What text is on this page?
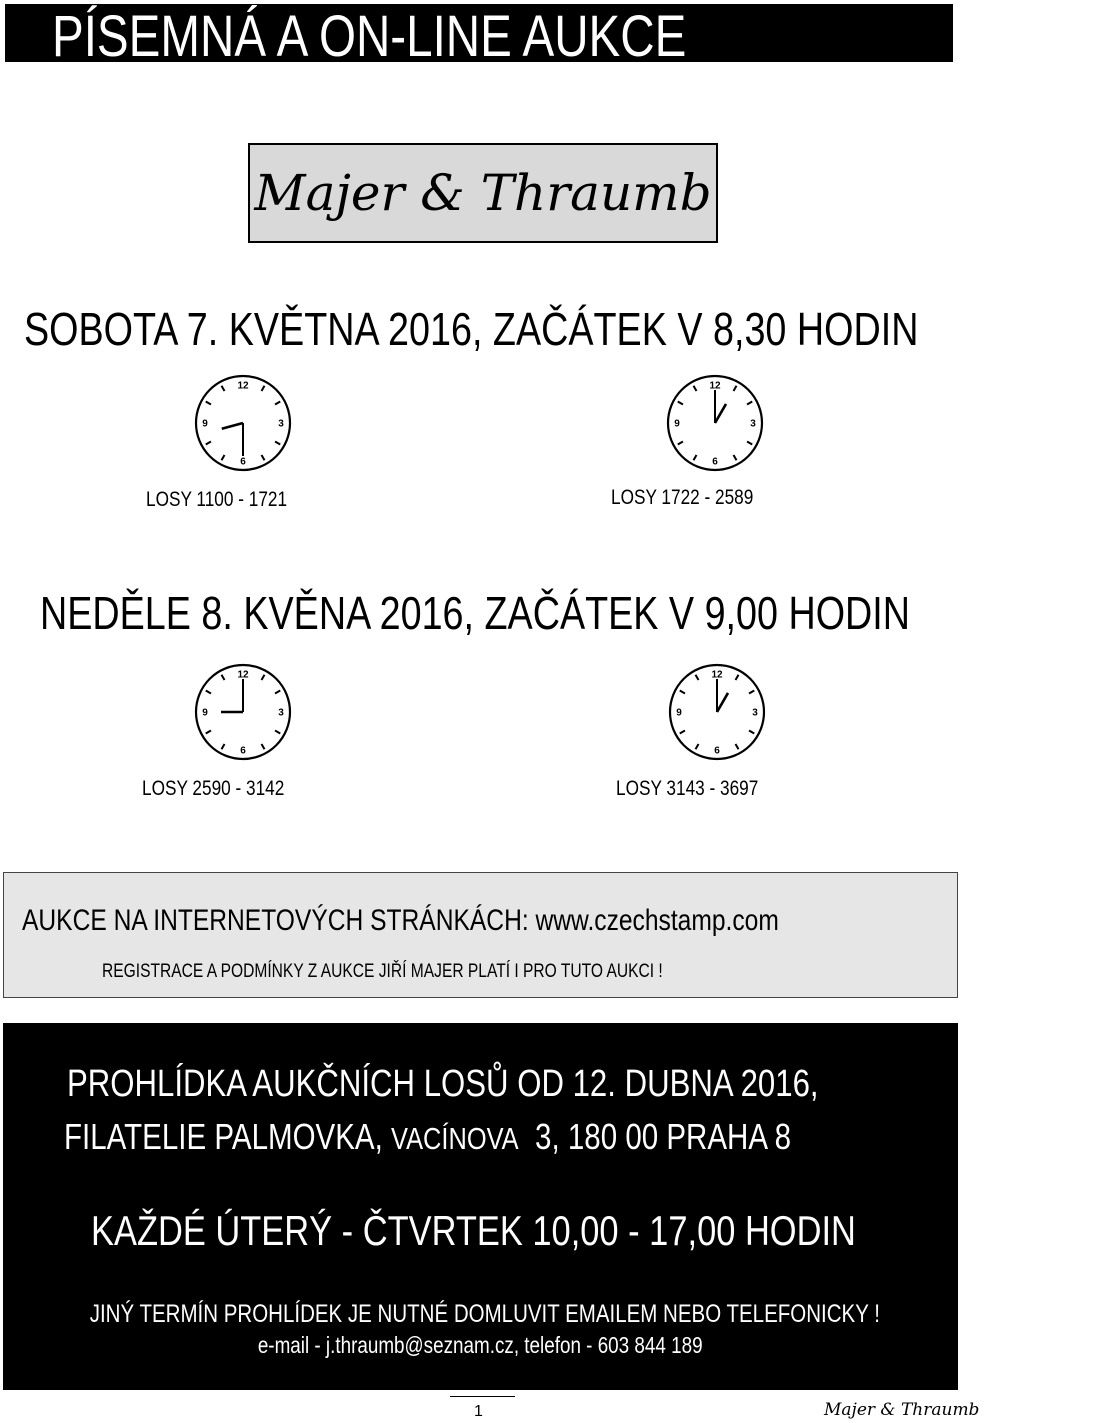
PÍSEMNÁ A ON-LINE AUKCE
Majer & Thraumb
SOBOTA 7. KVĚTNA 2016, ZAČÁTEK V 8,30 HODIN
12
3
6
9
12
3
6
9
LOSY 1100 - 1721	LOSY 1722 - 2589
NEDĚLE 8. KVĚNA 2016, ZAČÁTEK V 9,00 HODIN
12
3
6
9
12
3
6
9
LOSY 2590 - 3142	LOSY 3143 - 3697
AUKCE NA INTERNETOVÝCH STRÁNKÁCH: www.czechstamp.com
REGISTRACE A PODMÍNKY Z AUKCE JIŘÍ MAJER PLATÍ I PRO TUTO AUKCI !
PROHLÍDKA AUKČNÍCH LOSŮ OD 12. DUBNA 2016,
FILATELIE PALMOVKA, VACÍNOVA 3, 180 00 PRAHA 8
KAŽDÉ ÚTERÝ - ČTVRTEK 10,00 - 17,00 HODIN
JINÝ TERMÍN PROHLÍDEK JE NUTNÉ DOMLUVIT EMAILEM NEBO TELEFONICKY !
e-mail - j.thraumb@seznam.cz, telefon - 603 844 189
1	Majer & Thraumb
